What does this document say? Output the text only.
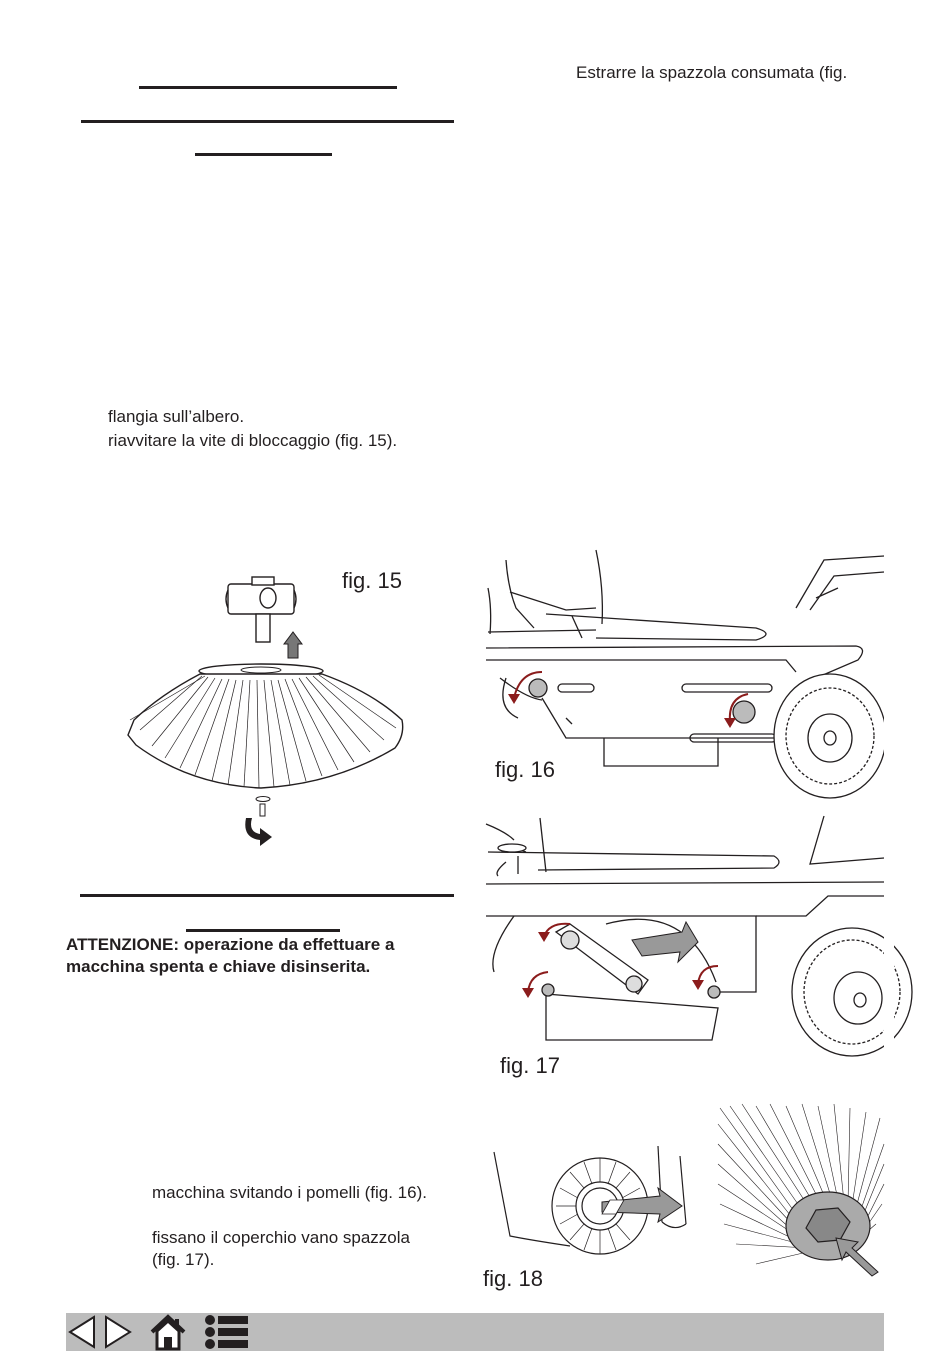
Estrarre la spazzola consumata (fig.
flangia sull’albero.
riavvitare la vite di bloccaggio (fig. 15).
fig. 15
fig. 16
fig. 17
ATTENZIONE: operazione da effettuare a
macchina spenta e chiave disinserita.
macchina svitando i pomelli (fig. 16).
fissano il coperchio vano spazzola
(fig. 17).
fig. 18
